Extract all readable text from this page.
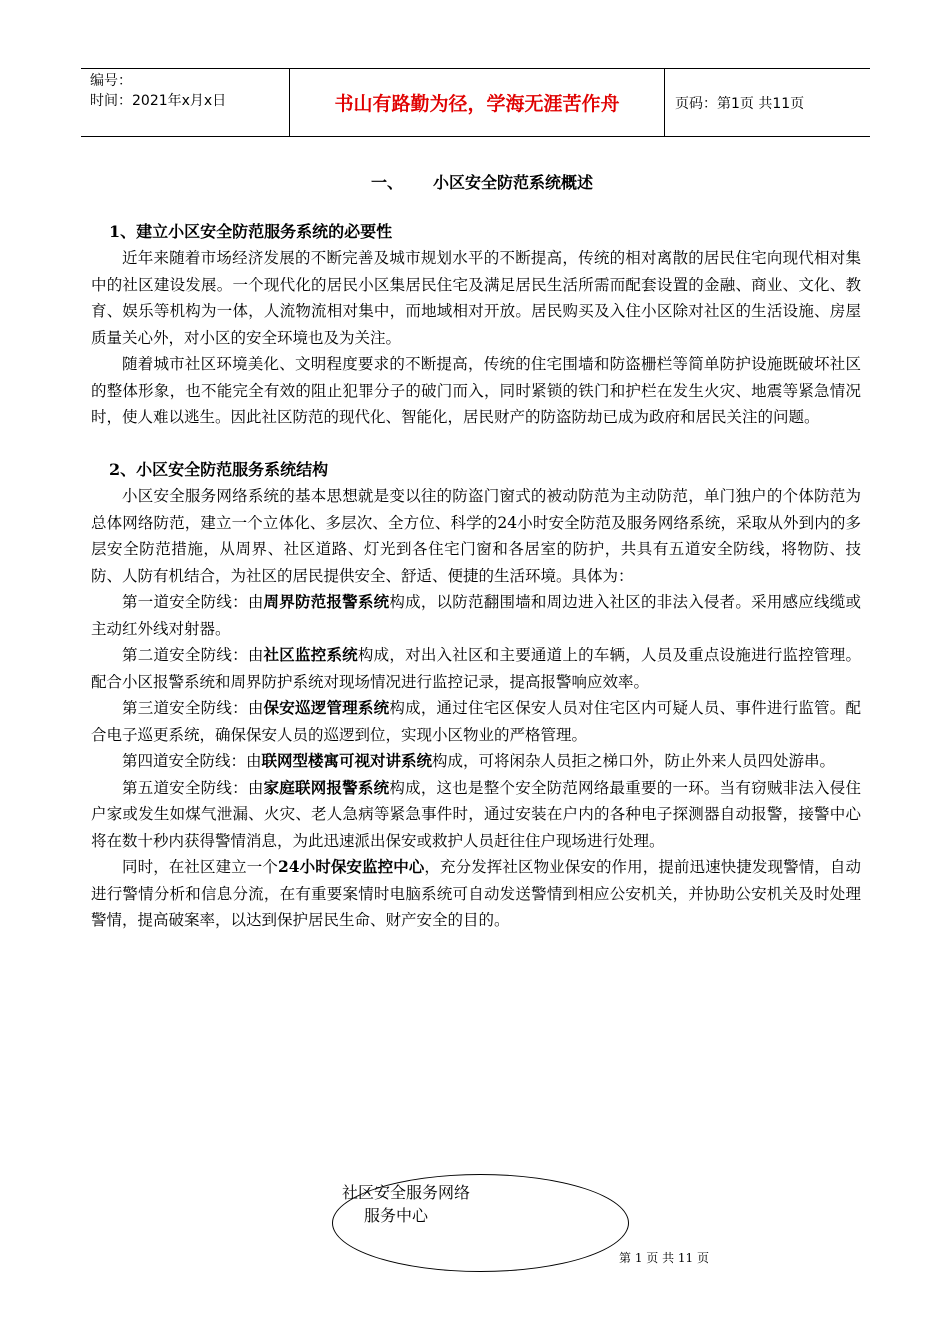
编号：
时间：2021年x月x日	书山有路勤为径，学海无涯苦作舟	页码：第1页 共11页
一、 小区安全防范系统概述
1、建立小区安全防范服务系统的必要性

近年来随着市场经济发展的不断完善及城市规划水平的不断提高，传统的相对离散的居民住宅向现代相对集中的社区建设发展。一个现代化的居民小区集居民住宅及满足居民生活所需而配套设置的金融、商业、文化、教育、娱乐等机构为一体，人流物流相对集中，而地域相对开放。居民购买及入住小区除对社区的生活设施、房屋质量关心外，对小区的安全环境也及为关注。

随着城市社区环境美化、文明程度要求的不断提高，传统的住宅围墙和防盗栅栏等简单防护设施既破坏社区的整体形象，也不能完全有效的阻止犯罪分子的破门而入，同时紧锁的铁门和护栏在发生火灾、地震等紧急情况时，使人难以逃生。因此社区防范的现代化、智能化，居民财产的防盗防劫已成为政府和居民关注的问题。

2、小区安全防范服务系统结构

小区安全服务网络系统的基本思想就是变以往的防盗门窗式的被动防范为主动防范，单门独户的个体防范为总体网络防范，建立一个立体化、多层次、全方位、科学的24小时安全防范及服务网络系统，采取从外到内的多层安全防范措施，从周界、社区道路、灯光到各住宅门窗和各居室的防护，共具有五道安全防线，将物防、技防、人防有机结合，为社区的居民提供安全、舒适、便捷的生活环境。具体为：

第一道安全防线：由周界防范报警系统构成，以防范翻围墙和周边进入社区的非法入侵者。采用感应线缆或主动红外线对射器。

第二道安全防线：由社区监控系统构成，对出入社区和主要通道上的车辆，人员及重点设施进行监控管理。配合小区报警系统和周界防护系统对现场情况进行监控记录，提高报警响应效率。

第三道安全防线：由保安巡逻管理系统构成，通过住宅区保安人员对住宅区内可疑人员、事件进行监管。配合电子巡更系统，确保保安人员的巡逻到位，实现小区物业的严格管理。

第四道安全防线：由联网型楼寓可视对讲系统构成，可将闲杂人员拒之梯口外，防止外来人员四处游串。

第五道安全防线：由家庭联网报警系统构成，这也是整个安全防范网络最重要的一环。当有窃贼非法入侵住户家或发生如煤气泄漏、火灾、老人急病等紧急事件时，通过安装在户内的各种电子探测器自动报警，接警中心将在数十秒内获得警情消息，为此迅速派出保安或救护人员赶往住户现场进行处理。

同时，在社区建立一个24小时保安监控中心，充分发挥社区物业保安的作用，提前迅速快捷发现警情，自动进行警情分析和信息分流，在有重要案情时电脑系统可自动发送警情到相应公安机关，并协助公安机关及时处理警情，提高破案率，以达到保护居民生命、财产安全的目的。

社区安全服务网络
服务中心
第 1 页 共 11 页
